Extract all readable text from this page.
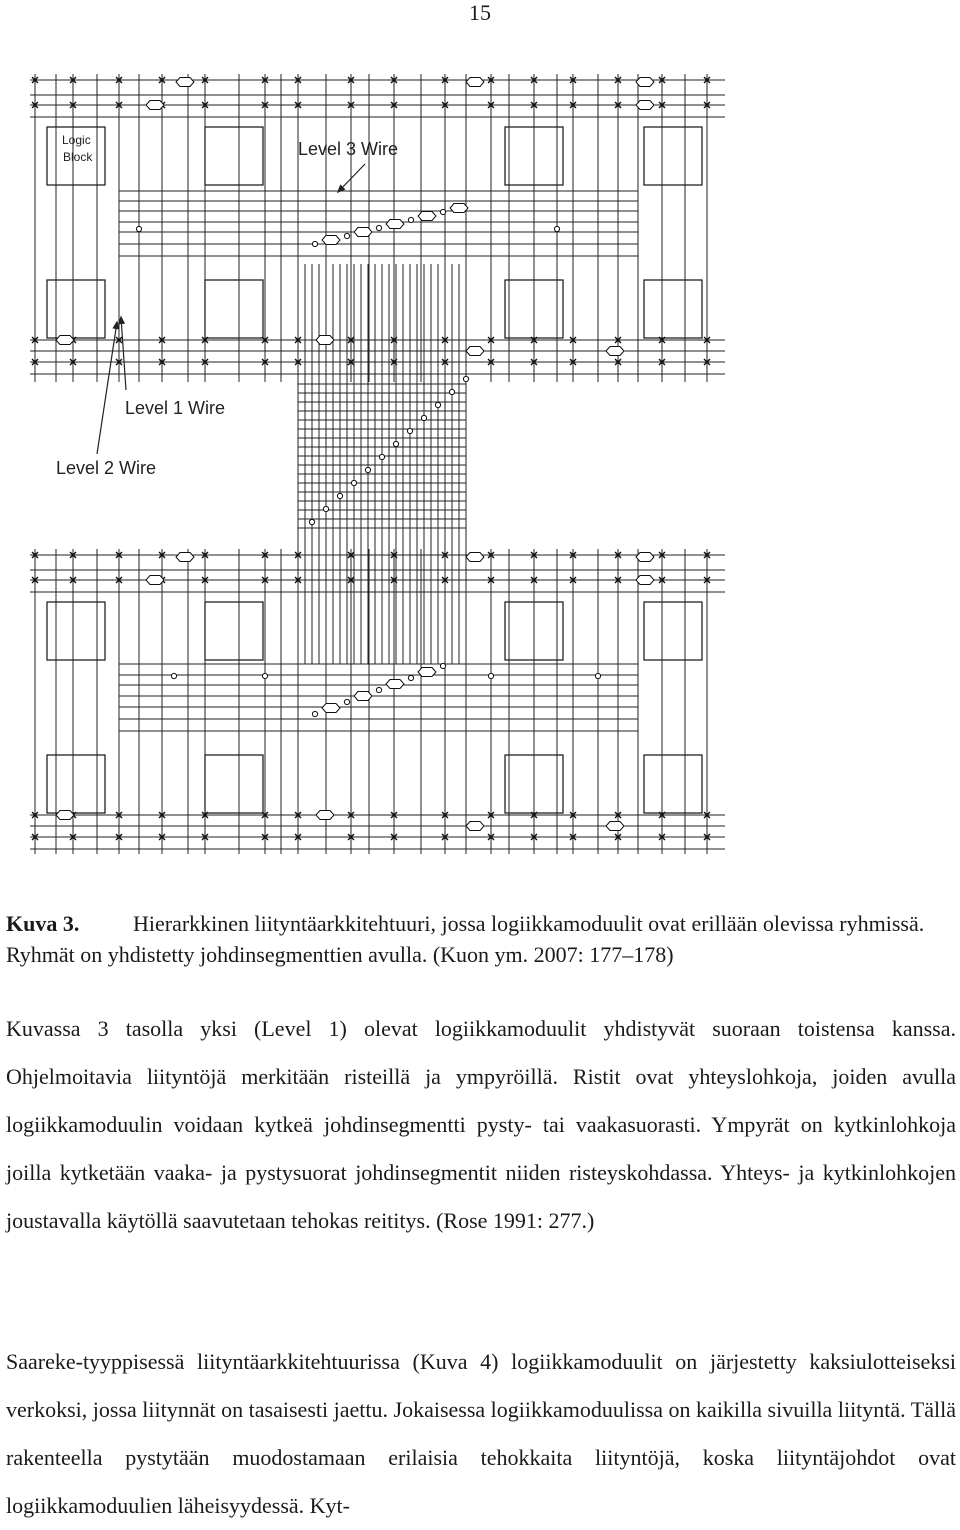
15
Logic
Block	Level 3 Wire
Level 1 Wire
Level 2 Wire
Kuva 3. Hierarkkinen liityntäarkkitehtuuri, jossa logiikkamoduulit ovat erillään olevissa ryhmissä. Ryhmät on yhdistetty johdinsegmenttien avulla. (Kuon ym. 2007: 177–178)
Kuvassa 3 tasolla yksi (Level 1) olevat logiikkamoduulit yhdistyvät suoraan toistensa kanssa. Ohjelmoitavia liityntöjä merkitään risteillä ja ympyröillä. Ristit ovat yhteyslohkoja, joiden avulla logiikkamoduulin voidaan kytkeä johdinsegmentti pysty- tai vaakasuorasti. Ympyrät on kytkinlohkoja joilla kytketään vaaka- ja pystysuorat johdinsegmentit niiden risteyskohdassa. Yhteys- ja kytkinlohkojen joustavalla käytöllä saavutetaan tehokas reititys. (Rose 1991: 277.)
Saareke-tyyppisessä liityntäarkkitehtuurissa (Kuva 4) logiikkamoduulit on järjestetty kaksiulotteiseksi verkoksi, jossa liitynnät on tasaisesti jaettu. Jokaisessa logiikkamoduulissa on kaikilla sivuilla liityntä. Tällä rakenteella pystytään muodostamaan erilaisia tehokkaita liityntöjä, koska liityntäjohdot ovat logiikkamoduulien läheisyydessä. Kyt-
